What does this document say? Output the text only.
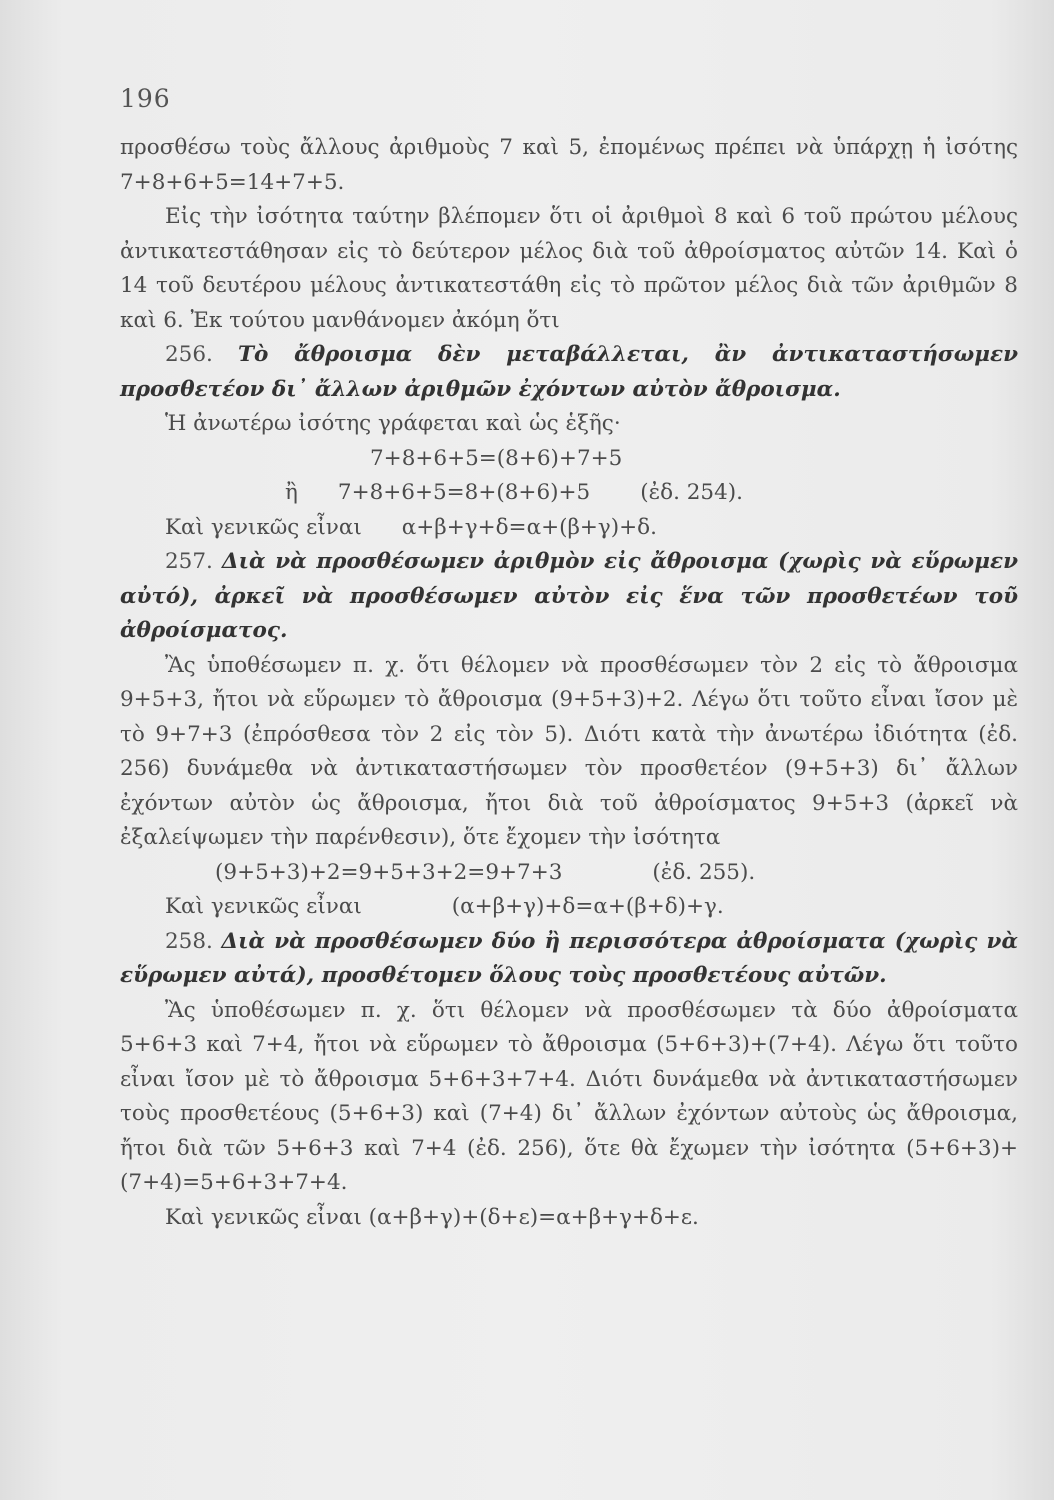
196

προσθέσω τοὺς ἄλλους ἀριθμοὺς 7 καὶ 5, ἐπομένως πρέπει νὰ ὑπάρχῃ ἡ ἰσότης 7+8+6+5=14+7+5.

Εἰς τὴν ἰσότητα ταύτην βλέπομεν ὅτι οἱ ἀριθμοὶ 8 καὶ 6 τοῦ πρώτου μέλους ἀντικατεστάθησαν εἰς τὸ δεύτερον μέλος διὰ τοῦ ἀθροίσματος αὐτῶν 14. Καὶ ὁ 14 τοῦ δευτέρου μέλους ἀντικατεστάθη εἰς τὸ πρῶτον μέλος διὰ τῶν ἀριθμῶν 8 καὶ 6. Ἐκ τούτου μανθάνομεν ἀκόμη ὅτι

256. Τὸ ἄθροισμα δὲν μεταβάλλεται, ἂν ἀντικαταστήσωμεν προσθετέον δι᾽ ἄλλων ἀριθμῶν ἐχόντων αὐτὸν ἄθροισμα.

Ἡ ἀνωτέρω ἰσότης γράφεται καὶ ὡς ἑξῆς·

7+8+6+5=(8+6)+7+5

ἢ 7+8+6+5=8+(8+6)+5 (ἐδ. 254).

Καὶ γενικῶς εἶναι α+β+γ+δ=α+(β+γ)+δ.

257. Διὰ νὰ προσθέσωμεν ἀριθμὸν εἰς ἄθροισμα (χωρὶς νὰ εὕρωμεν αὐτό), ἀρκεῖ νὰ προσθέσωμεν αὐτὸν εἰς ἕνα τῶν προσθετέων τοῦ ἀθροίσματος.

Ἂς ὑποθέσωμεν π. χ. ὅτι θέλομεν νὰ προσθέσωμεν τὸν 2 εἰς τὸ ἄθροισμα 9+5+3, ἤτοι νὰ εὕρωμεν τὸ ἄθροισμα (9+5+3)+2. Λέγω ὅτι τοῦτο εἶναι ἴσον μὲ τὸ 9+7+3 (ἐπρόσθεσα τὸν 2 εἰς τὸν 5). Διότι κατὰ τὴν ἀνωτέρω ἰδιότητα (ἐδ. 256) δυνάμεθα νὰ ἀντικαταστήσωμεν τὸν προσθετέον (9+5+3) δι᾽ ἄλλων ἐχόντων αὐτὸν ὡς ἄθροισμα, ἤτοι διὰ τοῦ ἀθροίσματος 9+5+3 (ἀρκεῖ νὰ ἐξαλείψωμεν τὴν παρένθεσιν), ὅτε ἔχομεν τὴν ἰσότητα

(9+5+3)+2=9+5+3+2=9+7+3	(ἐδ. 255).

Καὶ γενικῶς εἶναι	(α+β+γ)+δ=α+(β+δ)+γ.

258. Διὰ νὰ προσθέσωμεν δύο ἢ περισσότερα ἀθροίσματα (χωρὶς νὰ εὕρωμεν αὐτά), προσθέτομεν ὅλους τοὺς προσθετέους αὐτῶν.

Ἂς ὑποθέσωμεν π. χ. ὅτι θέλομεν νὰ προσθέσωμεν τὰ δύο ἀθροίσματα 5+6+3 καὶ 7+4, ἤτοι νὰ εὕρωμεν τὸ ἄθροισμα (5+6+3)+(7+4). Λέγω ὅτι τοῦτο εἶναι ἴσον μὲ τὸ ἄθροισμα 5+6+3+7+4. Διότι δυνάμεθα νὰ ἀντικαταστήσωμεν τοὺς προσθετέους (5+6+3) καὶ (7+4) δι᾽ ἄλλων ἐχόντων αὐτοὺς ὡς ἄθροισμα, ἤτοι διὰ τῶν 5+6+3 καὶ 7+4 (ἐδ. 256), ὅτε θὰ ἔχωμεν τὴν ἰσότητα (5+6+3)+(7+4)=5+6+3+7+4.

Καὶ γενικῶς εἶναι (α+β+γ)+(δ+ε)=α+β+γ+δ+ε.
